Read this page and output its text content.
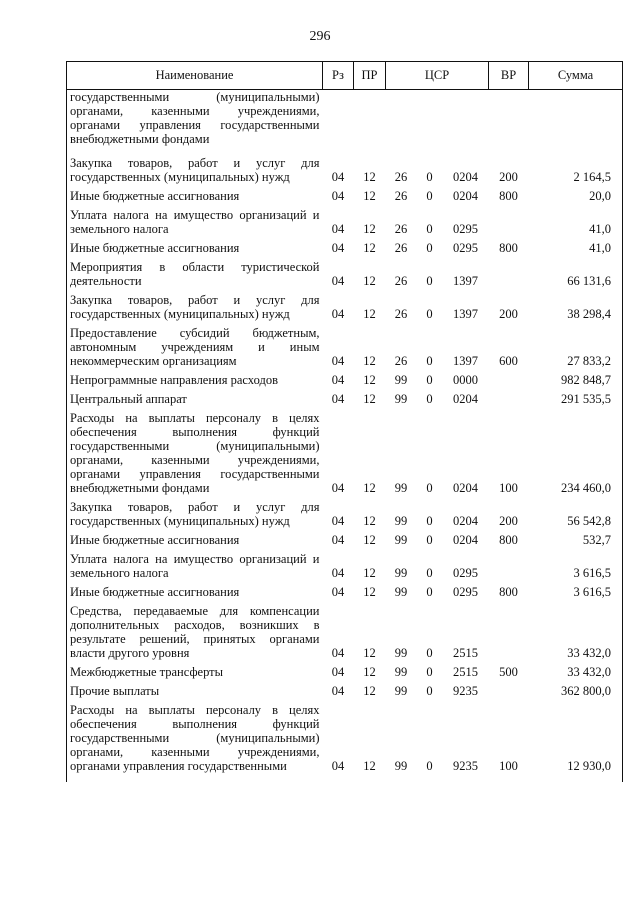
296
Наименование	Рз	ПР	ЦСР			ВР	Сумма
государственными (муниципальными) органами, казенными учреждениями, органами управления государственными внебюджетными фондами							
Закупка товаров, работ и услуг для государственных (муниципальных) нужд	04	12	26	0	0204	200	2 164,5
Иные бюджетные ассигнования	04	12	26	0	0204	800	20,0
Уплата налога на имущество организаций и земельного налога	04	12	26	0	0295		41,0
Иные бюджетные ассигнования	04	12	26	0	0295	800	41,0
Мероприятия в области туристической деятельности	04	12	26	0	1397		66 131,6
Закупка товаров, работ и услуг для государственных (муниципальных) нужд	04	12	26	0	1397	200	38 298,4
Предоставление субсидий бюджетным, автономным учреждениям и иным некоммерческим организациям	04	12	26	0	1397	600	27 833,2
Непрограммные направления расходов	04	12	99	0	0000		982 848,7
Центральный аппарат	04	12	99	0	0204		291 535,5
Расходы на выплаты персоналу в целях обеспечения выполнения функций государственными (муниципальными) органами, казенными учреждениями, органами управления государственными внебюджетными фондами	04	12	99	0	0204	100	234 460,0
Закупка товаров, работ и услуг для государственных (муниципальных) нужд	04	12	99	0	0204	200	56 542,8
Иные бюджетные ассигнования	04	12	99	0	0204	800	532,7
Уплата налога на имущество организаций и земельного налога	04	12	99	0	0295		3 616,5
Иные бюджетные ассигнования	04	12	99	0	0295	800	3 616,5
Средства, передаваемые для компенсации дополнительных расходов, возникших в результате решений, принятых органами власти другого уровня	04	12	99	0	2515		33 432,0
Межбюджетные трансферты	04	12	99	0	2515	500	33 432,0
Прочие выплаты	04	12	99	0	9235		362 800,0
Расходы на выплаты персоналу в целях обеспечения выполнения функций государственными (муниципальными) органами, казенными учреждениями, органами управления государственными	04	12	99	0	9235	100	12 930,0
